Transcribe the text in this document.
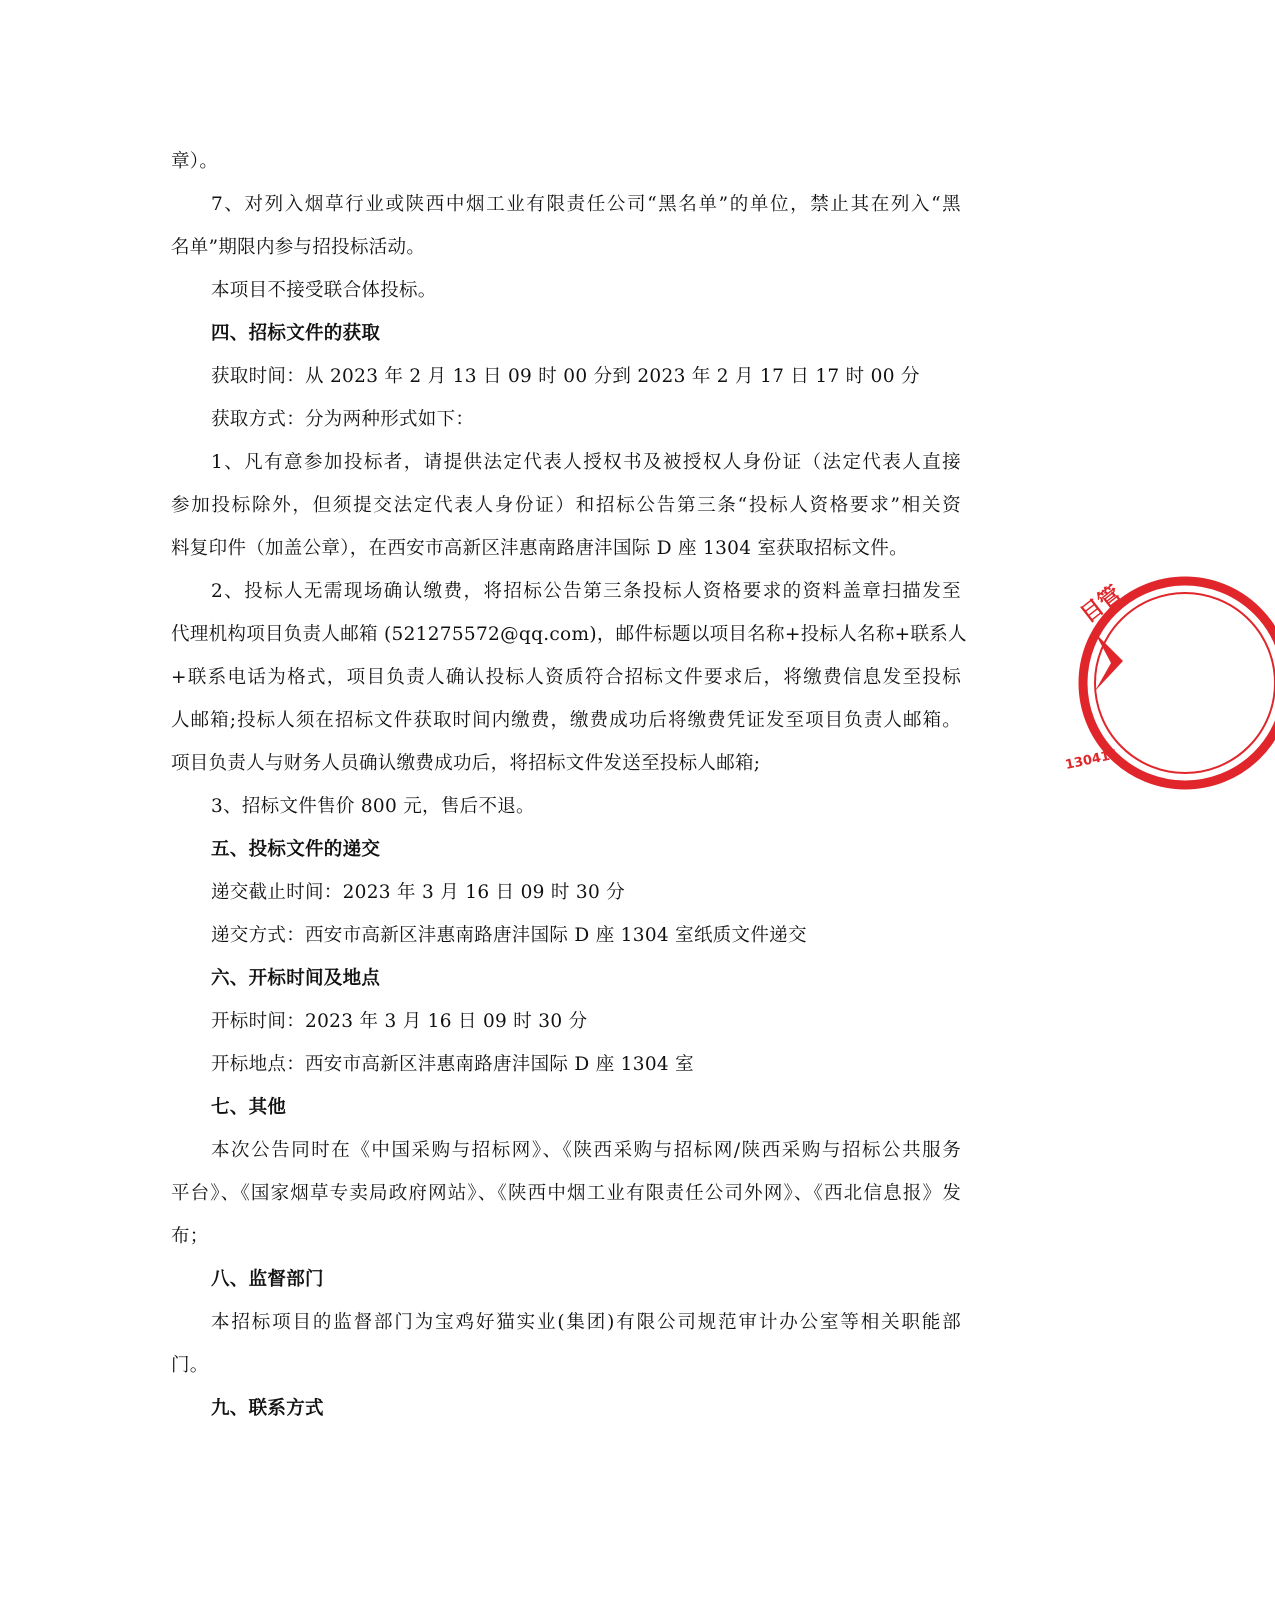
章）。
7、对列入烟草行业或陕西中烟工业有限责任公司“黑名单”的单位，禁止其在列入“黑
名单”期限内参与招投标活动。
本项目不接受联合体投标。
四、招标文件的获取
获取时间：从 2023 年 2 月 13 日 09 时 00 分到 2023 年 2 月 17 日 17 时 00 分
获取方式：分为两种形式如下：
1、凡有意参加投标者，请提供法定代表人授权书及被授权人身份证（法定代表人直接
参加投标除外，但须提交法定代表人身份证）和招标公告第三条“投标人资格要求”相关资
料复印件（加盖公章），在西安市高新区沣惠南路唐沣国际 D 座 1304 室获取招标文件。
2、投标人无需现场确认缴费，将招标公告第三条投标人资格要求的资料盖章扫描发至
代理机构项目负责人邮箱 (521275572@qq.com)，邮件标题以项目名称+投标人名称+联系人
+联系电话为格式，项目负责人确认投标人资质符合招标文件要求后，将缴费信息发至投标
人邮箱;投标人须在招标文件获取时间内缴费，缴费成功后将缴费凭证发至项目负责人邮箱。
项目负责人与财务人员确认缴费成功后，将招标文件发送至投标人邮箱;
3、招标文件售价 800 元，售后不退。
五、投标文件的递交
递交截止时间：2023 年 3 月 16 日 09 时 30 分
递交方式：西安市高新区沣惠南路唐沣国际 D 座 1304 室纸质文件递交
六、开标时间及地点
开标时间：2023 年 3 月 16 日 09 时 30 分
开标地点：西安市高新区沣惠南路唐沣国际 D 座 1304 室
七、其他
本次公告同时在《中国采购与招标网》、《陕西采购与招标网/陕西采购与招标公共服务
平台》、《国家烟草专卖局政府网站》、《陕西中烟工业有限责任公司外网》、《西北信息报》发
布；
八、监督部门
本招标项目的监督部门为宝鸡好猫实业(集团)有限公司规范审计办公室等相关职能部
门。
九、联系方式
目管
130411
